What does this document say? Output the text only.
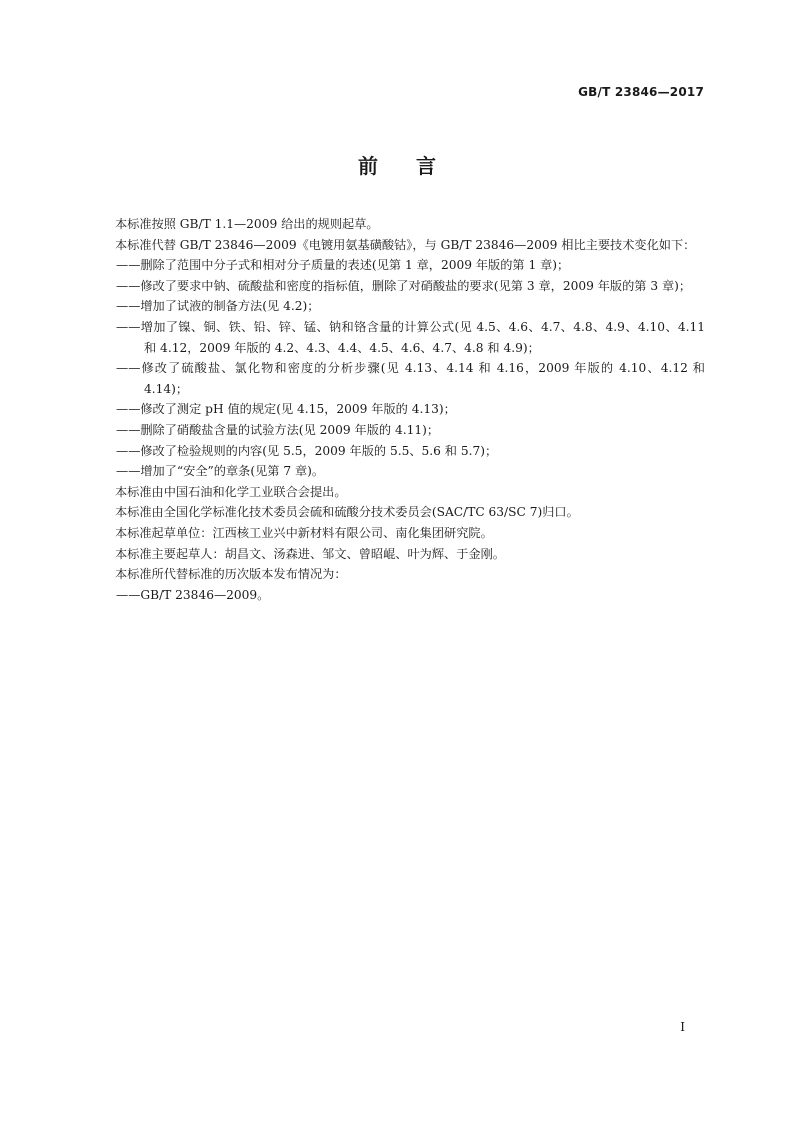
GB/T 23846—2017
前言
本标准按照 GB/T 1.1—2009 给出的规则起草。
本标准代替 GB/T 23846—2009《电镀用氨基磺酸钴》，与 GB/T 23846—2009 相比主要技术变化如下：
——删除了范围中分子式和相对分子质量的表述(见第 1 章，2009 年版的第 1 章)；
——修改了要求中钠、硫酸盐和密度的指标值，删除了对硝酸盐的要求(见第 3 章，2009 年版的第 3 章)；
——增加了试液的制备方法(见 4.2)；
——增加了镍、铜、铁、铅、锌、锰、钠和铬含量的计算公式(见 4.5、4.6、4.7、4.8、4.9、4.10、4.11 和 4.12，2009 年版的 4.2、4.3、4.4、4.5、4.6、4.7、4.8 和 4.9)；
——修改了硫酸盐、氯化物和密度的分析步骤(见 4.13、4.14 和 4.16，2009 年版的 4.10、4.12 和 4.14)；
——修改了测定 pH 值的规定(见 4.15，2009 年版的 4.13)；
——删除了硝酸盐含量的试验方法(见 2009 年版的 4.11)；
——修改了检验规则的内容(见 5.5，2009 年版的 5.5、5.6 和 5.7)；
——增加了“安全”的章条(见第 7 章)。
本标准由中国石油和化学工业联合会提出。
本标准由全国化学标准化技术委员会硫和硫酸分技术委员会(SAC/TC 63/SC 7)归口。
本标准起草单位：江西核工业兴中新材料有限公司、南化集团研究院。
本标准主要起草人：胡昌文、汤森进、邹文、曾昭崐、叶为辉、于金刚。
本标准所代替标准的历次版本发布情况为：
——GB/T 23846—2009。
I
